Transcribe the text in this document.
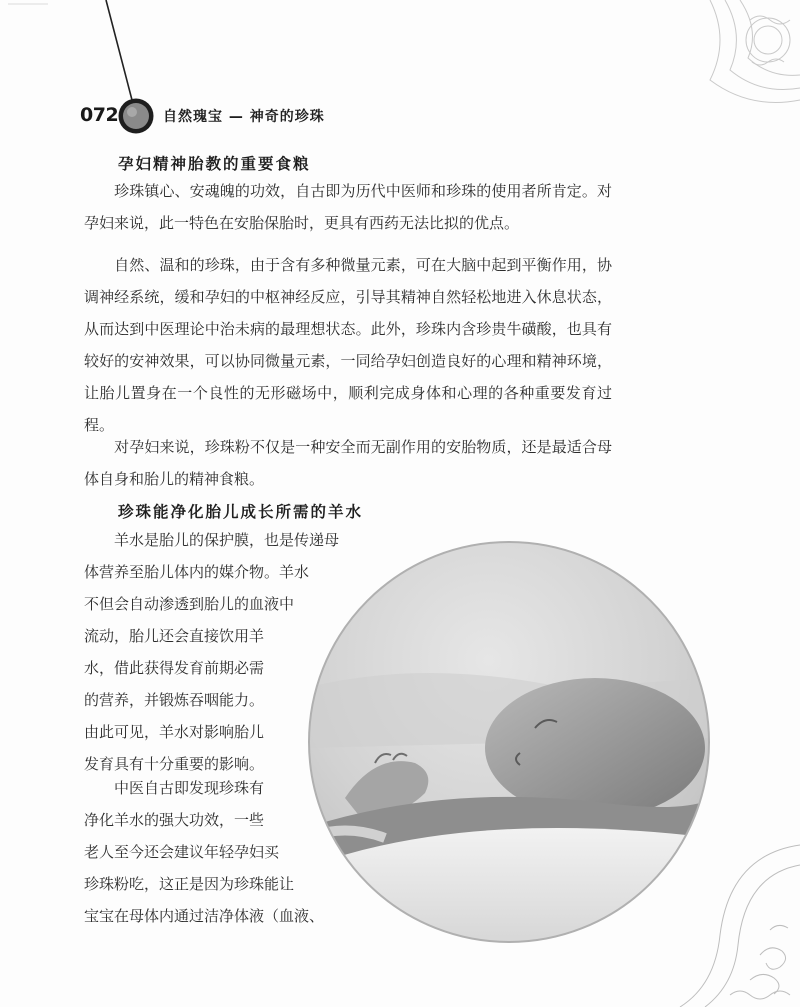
072	自然瑰宝 — 神奇的珍珠
孕妇精神胎教的重要食粮

　　珍珠镇心、安魂魄的功效，自古即为历代中医师和珍珠的使用者所肯定。对孕妇来说，此一特色在安胎保胎时，更具有西药无法比拟的优点。

　　自然、温和的珍珠，由于含有多种微量元素，可在大脑中起到平衡作用，协调神经系统，缓和孕妇的中枢神经反应，引导其精神自然轻松地进入休息状态，从而达到中医理论中治未病的最理想状态。此外，珍珠内含珍贵牛磺酸，也具有较好的安神效果，可以协同微量元素，一同给孕妇创造良好的心理和精神环境，让胎儿置身在一个良性的无形磁场中，顺利完成身体和心理的各种重要发育过程。

　　对孕妇来说，珍珠粉不仅是一种安全而无副作用的安胎物质，还是最适合母体自身和胎儿的精神食粮。

珍珠能净化胎儿成长所需的羊水
　　羊水是胎儿的保护膜，也是传递母
体营养至胎儿体内的媒介物。羊水
不但会自动渗透到胎儿的血液中
流动，胎儿还会直接饮用羊
水，借此获得发育前期必需
的营养，并锻炼吞咽能力。
由此可见，羊水对影响胎儿
发育具有十分重要的影响。
　　中医自古即发现珍珠有
净化羊水的强大功效，一些
老人至今还会建议年轻孕妇买
珍珠粉吃，这正是因为珍珠能让
宝宝在母体内通过洁净体液（血液、
